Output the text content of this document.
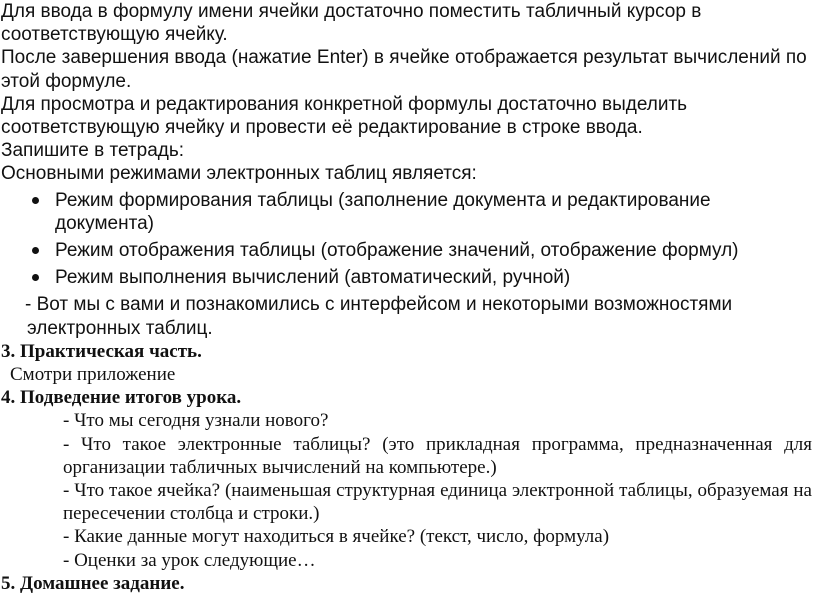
Для ввода в формулу имени ячейки достаточно поместить табличный курсор в соответствующую ячейку.

После завершения ввода (нажатие Enter) в ячейке отображается результат вычислений по этой формуле.

Для просмотра и редактирования конкретной формулы достаточно выделить соответствующую ячейку и провести её редактирование в строке ввода.

Запишите в тетрадь:

Основными режимами электронных таблиц является:

Режим формирования таблицы (заполнение документа и редактирование документа)
Режим отображения таблицы (отображение значений, отображение формул)
Режим выполнения вычислений (автоматический, ручной)

- Вот мы с вами и познакомились с интерфейсом и некоторыми возможностями электронных таблиц.

3. Практическая часть.

Смотри приложение

4. Подведение итогов урока.

- Что мы сегодня узнали нового?

- Что такое электронные таблицы? (это прикладная программа, предназначенная для организации табличных вычислений на компьютере.)

- Что такое ячейка? (наименьшая структурная единица электронной таблицы, образуемая на пересечении столбца и строки.)

- Какие данные могут находиться в ячейке? (текст, число, формула)

- Оценки за урок следующие…

5. Домашнее задание.
